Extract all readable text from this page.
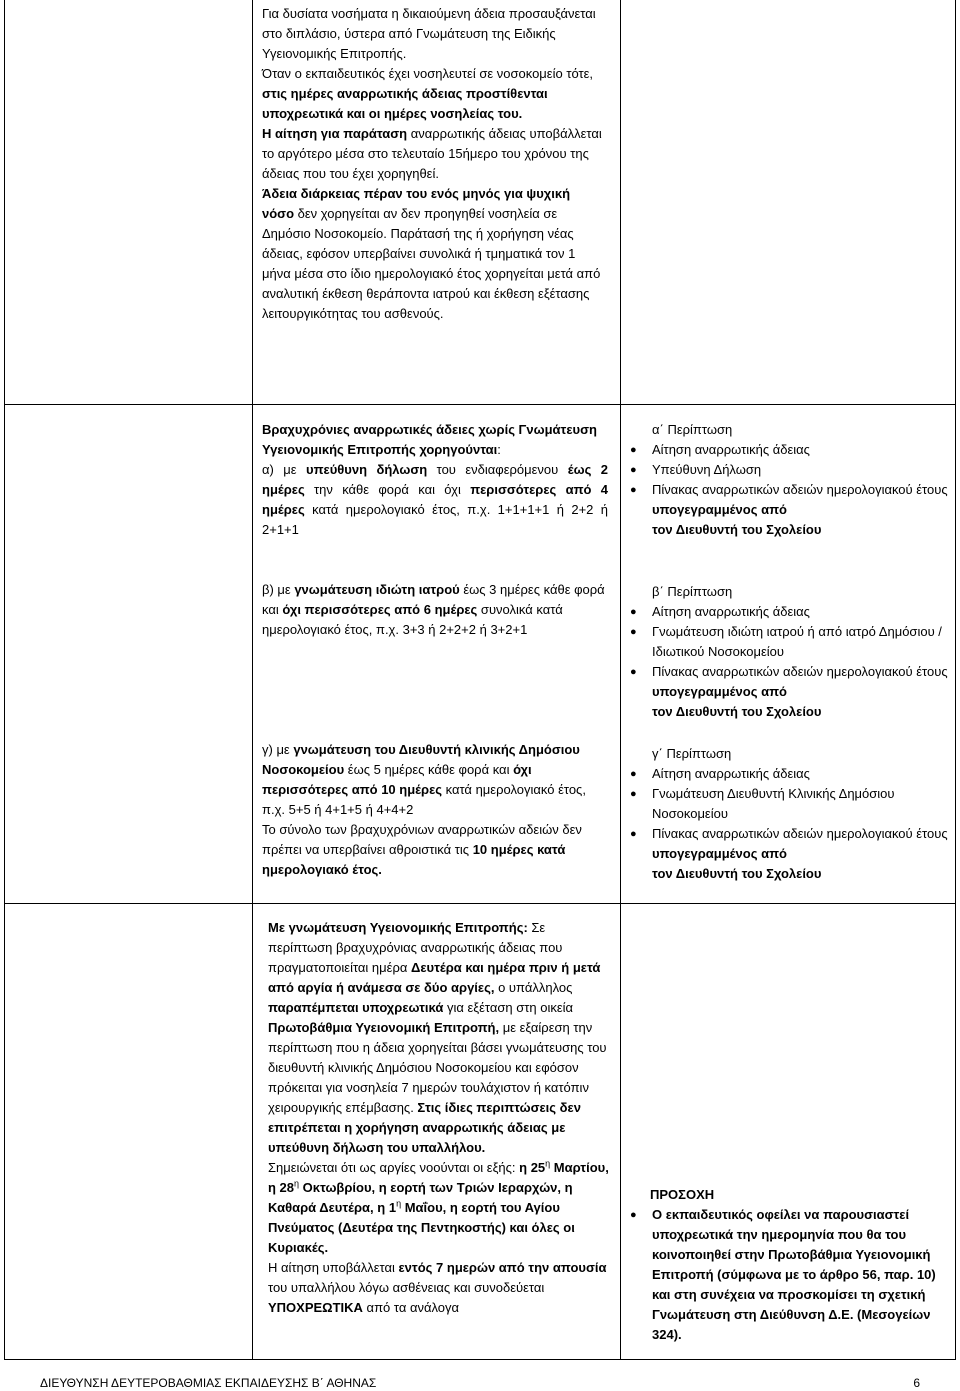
Για δυσίατα νοσήματα η δικαιούμενη άδεια προσαυξάνεται στο διπλάσιο, ύστερα από Γνωμάτευση της Ειδικής Υγειονομικής Επιτροπής.

Όταν ο εκπαιδευτικός έχει νοσηλευτεί σε νοσοκομείο τότε, στις ημέρες αναρρωτικής άδειας προστίθενται υποχρεωτικά και οι ημέρες νοσηλείας του.

Η αίτηση για παράταση αναρρωτικής άδειας υποβάλλεται το αργότερο μέσα στο τελευταίο 15ήμερο του χρόνου της άδειας που του έχει χορηγηθεί.

Άδεια διάρκειας πέραν του ενός μηνός για ψυχική νόσο δεν χορηγείται αν δεν προηγηθεί νοσηλεία σε Δημόσιο Νοσοκομείο. Παράτασή της ή χορήγηση νέας άδειας, εφόσον υπερβαίνει συνολικά ή τμηματικά τον 1 μήνα μέσα στο ίδιο ημερολογιακό έτος χορηγείται μετά από αναλυτική έκθεση θεράποντα ιατρού και έκθεση εξέτασης λειτουργικότητας του ασθενούς.

Βραχυχρόνιες αναρρωτικές άδειες χωρίς Γνωμάτευση Υγειονομικής Επιτροπής χορηγούνται:

α) με υπεύθυνη δήλωση του ενδιαφερόμενου έως 2 ημέρες την κάθε φορά και όχι περισσότερες από 4 ημέρες κατά ημερολογιακό έτος, π.χ. 1+1+1+1 ή 2+2 ή 2+1+1

α΄ Περίπτωση
● Αίτηση αναρρωτικής άδειας
● Υπεύθυνη Δήλωση
● Πίνακας αναρρωτικών αδειών ημερολογιακού έτους υπογεγραμμένος από
τον Διευθυντή του Σχολείου

β) με γνωμάτευση ιδιώτη ιατρού έως 3 ημέρες κάθε φορά και όχι περισσότερες από 6 ημέρες συνολικά κατά ημερολογιακό έτος, π.χ. 3+3 ή 2+2+2 ή 3+2+1

β΄ Περίπτωση
● Αίτηση αναρρωτικής άδειας
● Γνωμάτευση ιδιώτη ιατρού ή από ιατρό Δημόσιου / Ιδιωτικού Νοσοκομείου
● Πίνακας αναρρωτικών αδειών ημερολογιακού έτους υπογεγραμμένος από
τον Διευθυντή του Σχολείου

γ) με γνωμάτευση του Διευθυντή κλινικής Δημόσιου Νοσοκομείου έως 5 ημέρες κάθε φορά και όχι περισσότερες από 10 ημέρες κατά ημερολογιακό έτος, π.χ. 5+5 ή 4+1+5 ή 4+4+2

Το σύνολο των βραχυχρόνιων αναρρωτικών αδειών δεν πρέπει να υπερβαίνει αθροιστικά τις 10 ημέρες κατά ημερολογιακό έτος.

γ΄ Περίπτωση
● Αίτηση αναρρωτικής άδειας
● Γνωμάτευση Διευθυντή Κλινικής Δημόσιου Νοσοκομείου
● Πίνακας αναρρωτικών αδειών ημερολογιακού έτους υπογεγραμμένος από
τον Διευθυντή του Σχολείου

Με γνωμάτευση Υγειονομικής Επιτροπής: Σε περίπτωση βραχυχρόνιας αναρρωτικής άδειας που πραγματοποιείται ημέρα Δευτέρα και ημέρα πριν ή μετά από αργία ή ανάμεσα σε δύο αργίες, ο υπάλληλος παραπέμπεται υποχρεωτικά για εξέταση στη οικεία Πρωτοβάθμια Υγειονομική Επιτροπή, με εξαίρεση την περίπτωση που η άδεια χορηγείται βάσει γνωμάτευσης του διευθυντή κλινικής Δημόσιου Νοσοκομείου και εφόσον πρόκειται για νοσηλεία 7 ημερών τουλάχιστον ή κατόπιν χειρουργικής επέμβασης. Στις ίδιες περιπτώσεις δεν επιτρέπεται η χορήγηση αναρρωτικής άδειας με υπεύθυνη δήλωση του υπαλλήλου.

Σημειώνεται ότι ως αργίες νοούνται οι εξής: η $25^\eta$ Μαρτίου, η $28^\eta$ Οκτωβρίου, η εορτή των Τριών Ιεραρχών, η Καθαρά Δευτέρα, η $1^\eta$ Μαΐου, η εορτή του Αγίου Πνεύματος (Δευτέρα της Πεντηκοστής) και όλες οι Κυριακές.

Η αίτηση υποβάλλεται εντός 7 ημερών από την απουσία του υπαλλήλου λόγω ασθένειας και συνοδεύεται ΥΠΟΧΡΕΩΤΙΚΑ από τα ανάλογα

ΠΡΟΣΟΧΗ

● Ο εκπαιδευτικός οφείλει να παρουσιαστεί υποχρεωτικά την ημερομηνία που θα του κοινοποιηθεί στην Πρωτοβάθμια Υγειονομική Επιτροπή (σύμφωνα με το άρθρο 56, παρ. 10) και στη συνέχεια να προσκομίσει τη σχετική Γνωμάτευση στη Διεύθυνση Δ.Ε. (Μεσογείων 324).
ΔΙΕΥΘΥΝΣΗ ΔΕΥΤΕΡΟΒΑΘΜΙΑΣ ΕΚΠΑΙΔΕΥΣΗΣ Β΄ ΑΘΗΝΑΣ	6
